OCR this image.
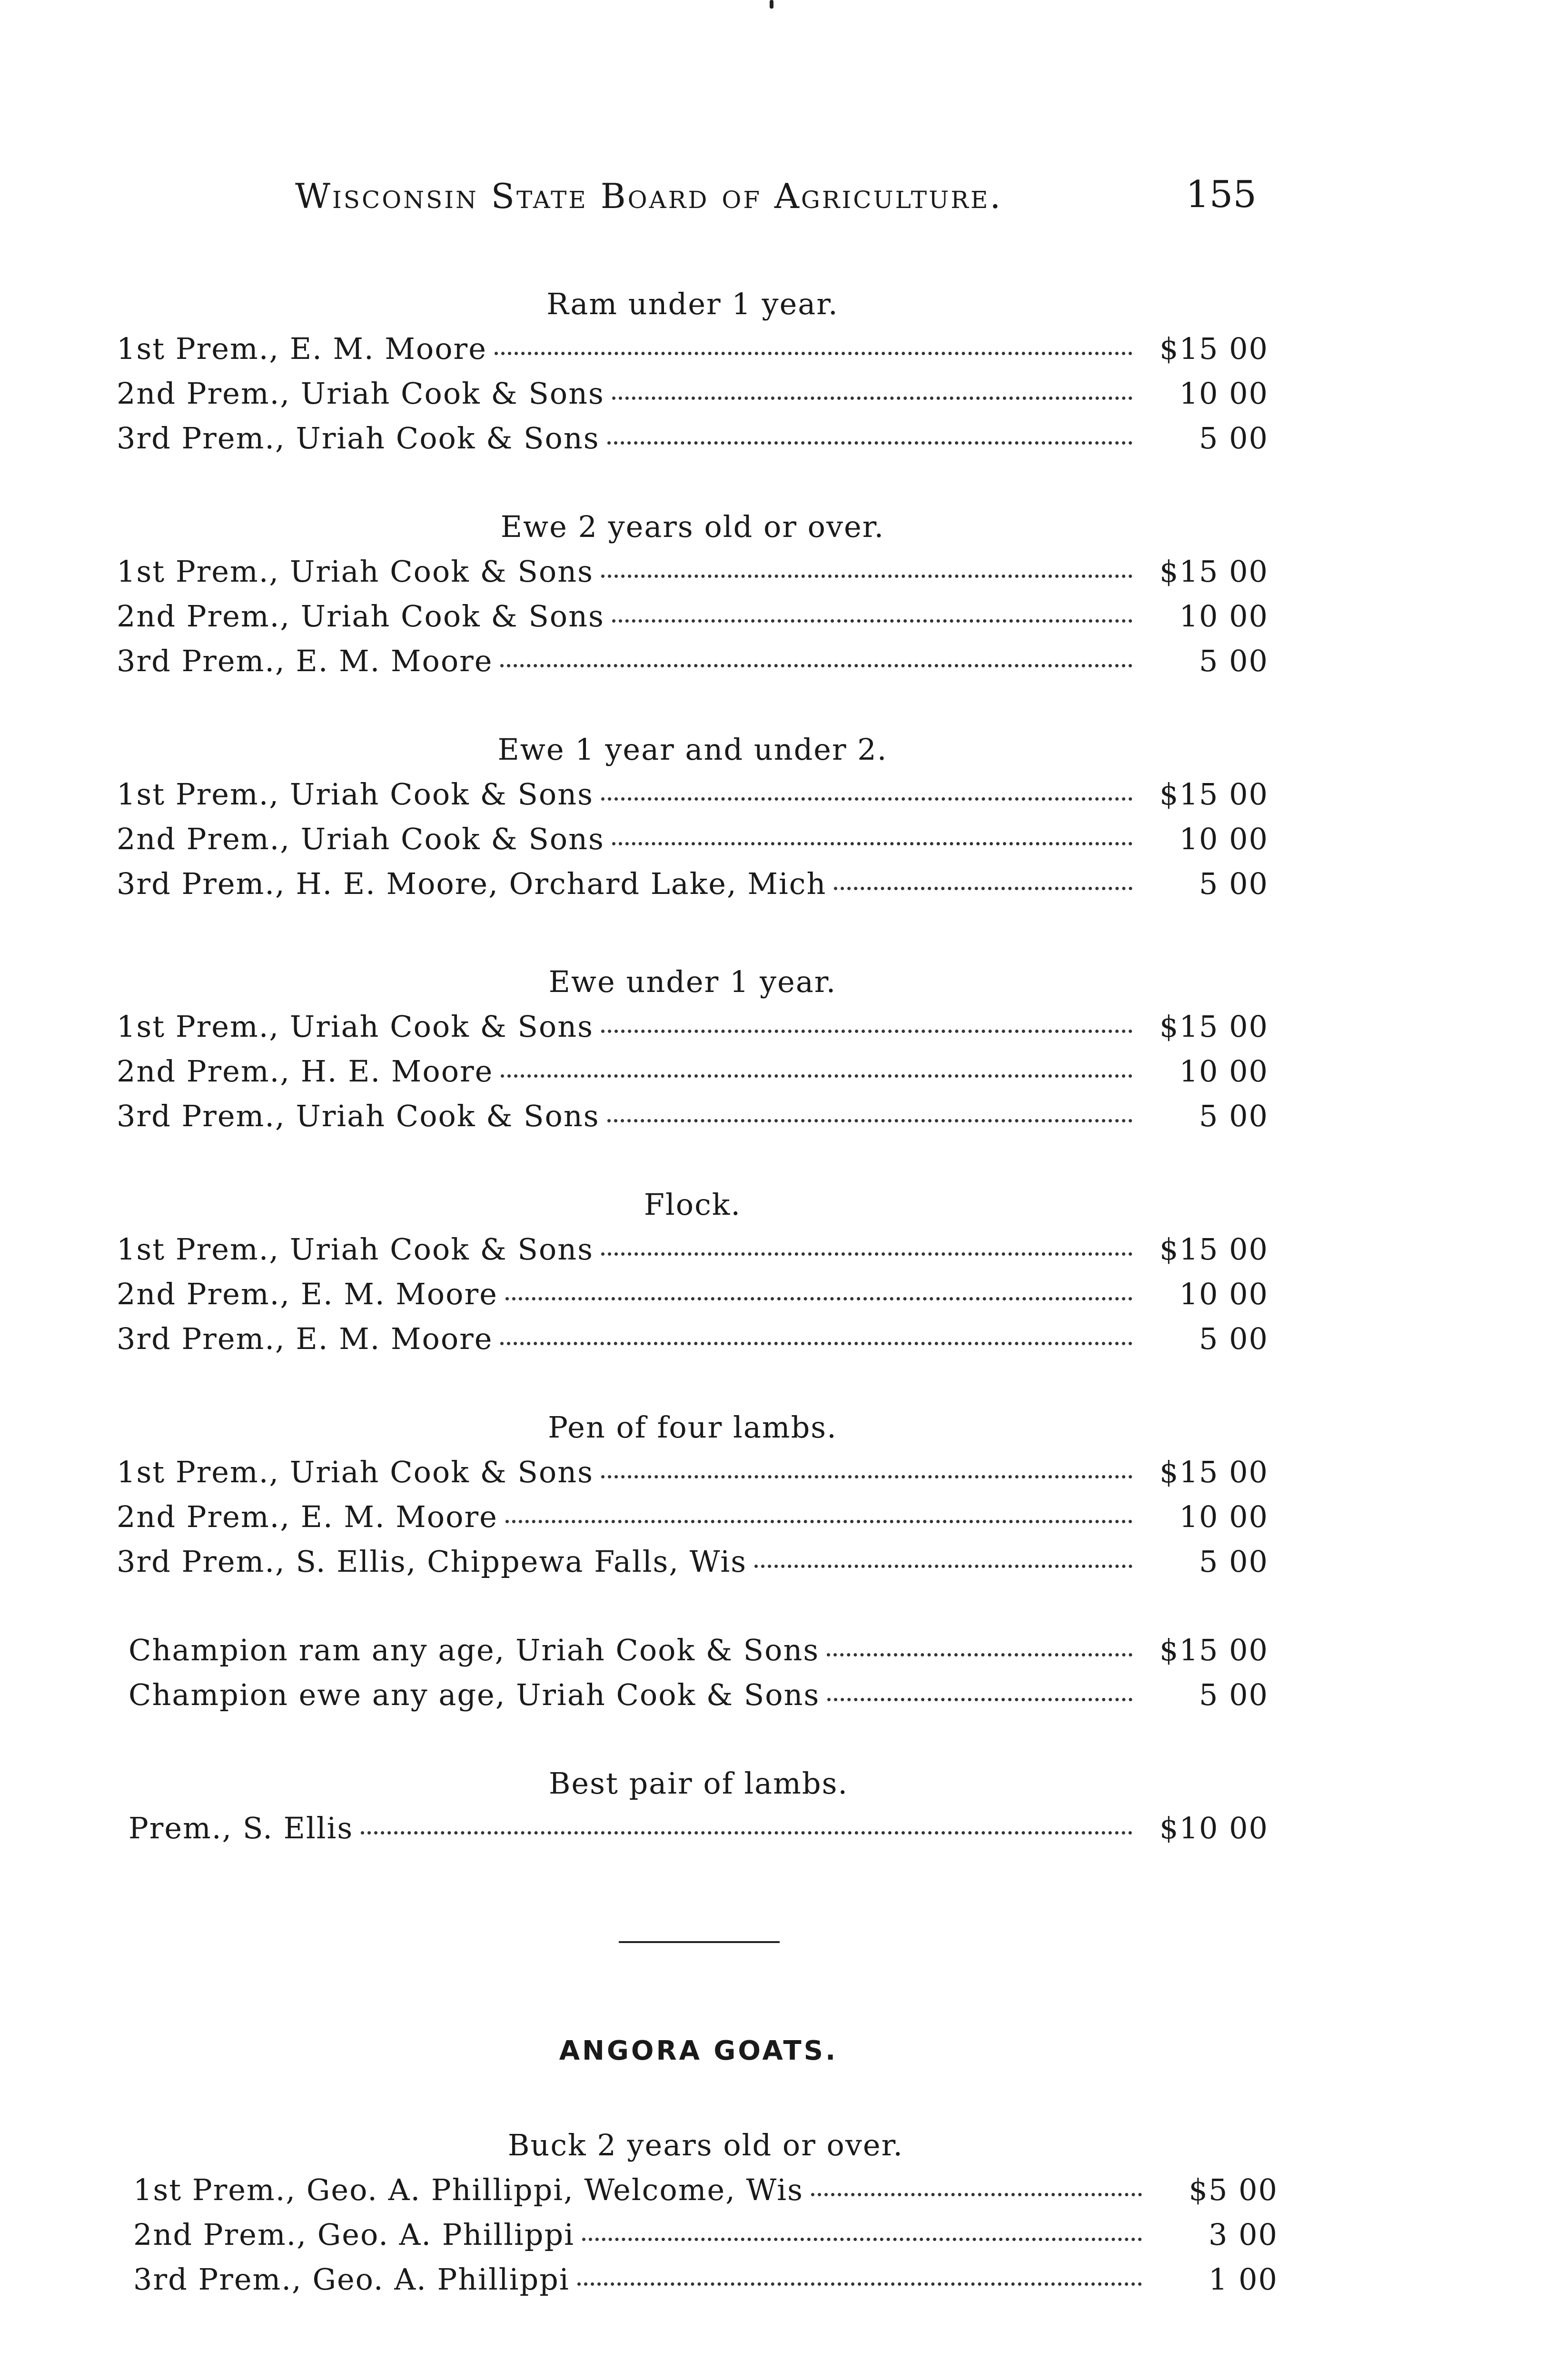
Wisconsin State Board of Agriculture.	155
Ram under 1 year.
1st Prem., E. M. Moore	$15 00
2nd Prem., Uriah Cook & Sons	10 00
3rd Prem., Uriah Cook & Sons	5 00
Ewe 2 years old or over.
1st Prem., Uriah Cook & Sons	$15 00
2nd Prem., Uriah Cook & Sons	10 00
3rd Prem., E. M. Moore	5 00
Ewe 1 year and under 2.
1st Prem., Uriah Cook & Sons	$15 00
2nd Prem., Uriah Cook & Sons	10 00
3rd Prem., H. E. Moore, Orchard Lake, Mich	5 00
Ewe under 1 year.
1st Prem., Uriah Cook & Sons	$15 00
2nd Prem., H. E. Moore	10 00
3rd Prem., Uriah Cook & Sons	5 00
Flock.
1st Prem., Uriah Cook & Sons	$15 00
2nd Prem., E. M. Moore	10 00
3rd Prem., E. M. Moore	5 00
Pen of four lambs.
1st Prem., Uriah Cook & Sons	$15 00
2nd Prem., E. M. Moore	10 00
3rd Prem., S. Ellis, Chippewa Falls, Wis	5 00
Champion ram any age, Uriah Cook & Sons	$15 00
Champion ewe any age, Uriah Cook & Sons	5 00
Best pair of lambs.
Prem., S. Ellis	$10 00
ANGORA GOATS.
Buck 2 years old or over.
1st Prem., Geo. A. Phillippi, Welcome, Wis	$5 00
2nd Prem., Geo. A. Phillippi	3 00
3rd Prem., Geo. A. Phillippi	1 00
